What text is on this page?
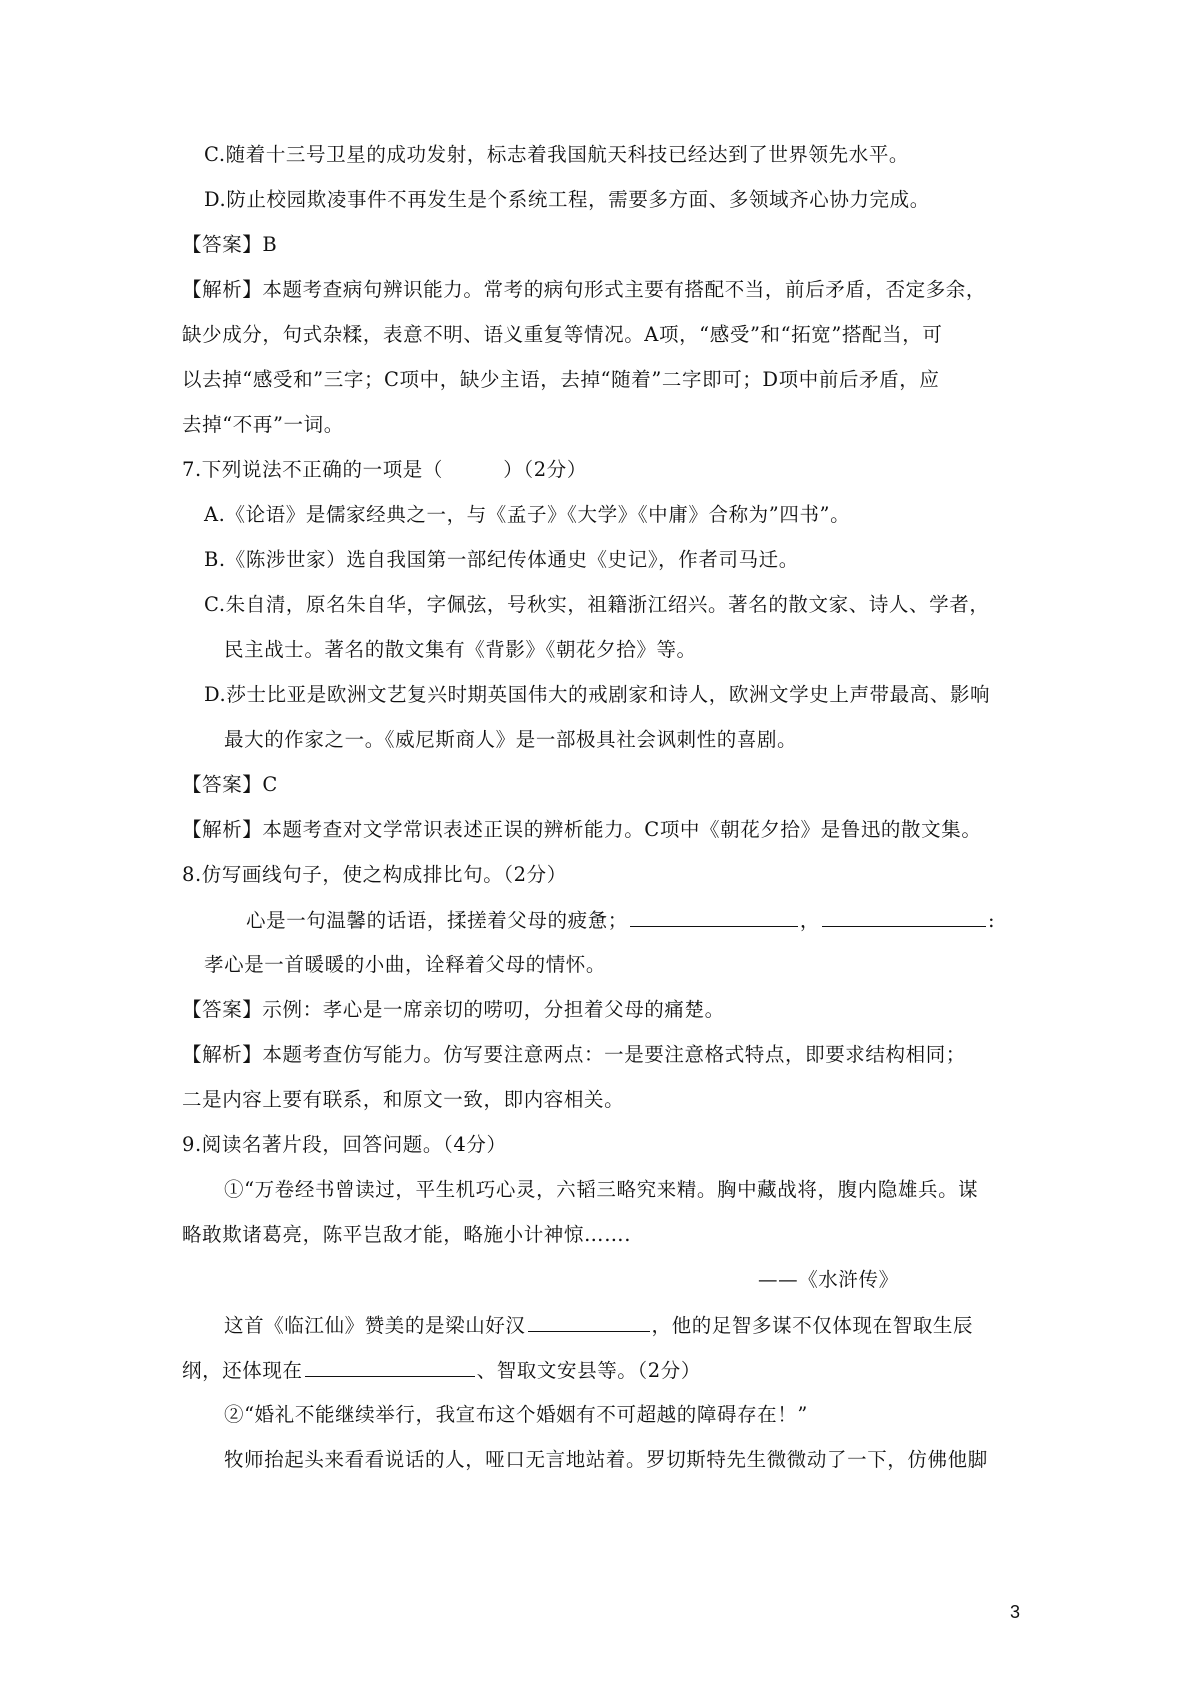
C.随着十三号卫星的成功发射，标志着我国航天科技已经达到了世界领先水平。
D.防止校园欺凌事件不再发生是个系统工程，需要多方面、多领域齐心协力完成。
【答案】B
【解析】本题考查病句辨识能力。常考的病句形式主要有搭配不当，前后矛盾，否定多余，
缺少成分，句式杂糅，表意不明、语义重复等情况。A项，“感受”和“拓宽”搭配当，可
以去掉“感受和”三字；C项中，缺少主语，去掉“随着”二字即可；D项中前后矛盾，应
去掉“不再”一词。
7.下列说法不正确的一项是（　　　）（2分）
A.《论语》是儒家经典之一，与《孟子》《大学》《中庸》合称为”四书”。
B.《陈涉世家）选自我国第一部纪传体通史《史记》，作者司马迁。
C.朱自清，原名朱自华，字佩弦，号秋实，祖籍浙江绍兴。著名的散文家、诗人、学者，
民主战士。著名的散文集有《背影》《朝花夕拾》等。
D.莎士比亚是欧洲文艺复兴时期英国伟大的戒剧家和诗人，欧洲文学史上声带最高、影响
最大的作家之一。《威尼斯商人》是一部极具社会讽刺性的喜剧。
【答案】C
【解析】本题考查对文学常识表述正误的辨析能力。C项中《朝花夕拾》是鲁迅的散文集。
8.仿写画线句子，使之构成排比句。（2分）
心是一句温馨的话语，揉搓着父母的疲惫；	，	:
孝心是一首暖暖的小曲，诠释着父母的情怀。
【答案】示例：孝心是一席亲切的唠叨，分担着父母的痛楚。
【解析】本题考查仿写能力。仿写要注意两点：一是要注意格式特点，即要求结构相同；
二是内容上要有联系，和原文一致，即内容相关。
9.阅读名著片段，回答问题。（4分）
①“万卷经书曾读过，平生机巧心灵，六韬三略究来精。胸中藏战将，腹内隐雄兵。谋
略敢欺诸葛亮，陈平岂敌才能，略施小计神惊…….
——《水浒传》
这首《临江仙》赞美的是梁山好汉	，他的足智多谋不仅体现在智取生辰
纲，还体现在	、智取文安县等。（2分）
②“婚礼不能继续举行，我宣布这个婚姻有不可超越的障碍存在！”
牧师抬起头来看看说话的人，哑口无言地站着。罗切斯特先生微微动了一下，仿佛他脚
3
